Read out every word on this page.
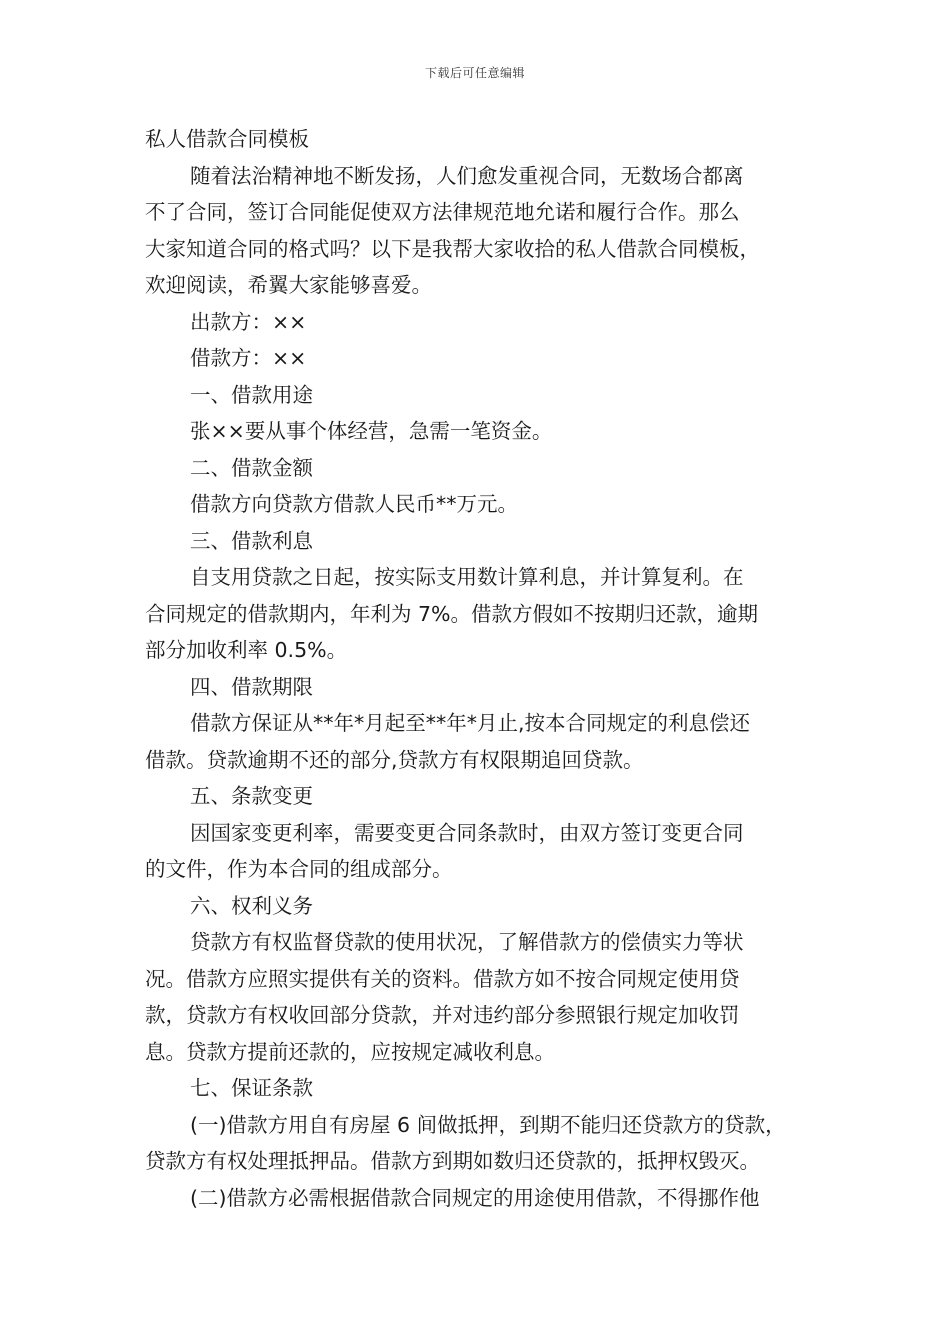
下载后可任意编辑

私人借款合同模板

随着法治精神地不断发扬，人们愈发重视合同，无数场合都离

不了合同，签订合同能促使双方法律规范地允诺和履行合作。那么

大家知道合同的格式吗？以下是我帮大家收拾的私人借款合同模板，

欢迎阅读，希翼大家能够喜爱。

出款方：××

借款方：××

一、借款用途

张××要从事个体经营，急需一笔资金。

二、借款金额

借款方向贷款方借款人民币**万元。

三、借款利息

自支用贷款之日起，按实际支用数计算利息，并计算复利。在

合同规定的借款期内，年利为 7%。借款方假如不按期归还款，逾期

部分加收利率 0.5%。

四、借款期限

借款方保证从**年*月起至**年*月止,按本合同规定的利息偿还

借款。贷款逾期不还的部分,贷款方有权限期追回贷款。

五、条款变更

因国家变更利率，需要变更合同条款时，由双方签订变更合同

的文件，作为本合同的组成部分。

六、权利义务

贷款方有权监督贷款的使用状况，了解借款方的偿债实力等状

况。借款方应照实提供有关的资料。借款方如不按合同规定使用贷

款，贷款方有权收回部分贷款，并对违约部分参照银行规定加收罚

息。贷款方提前还款的，应按规定减收利息。

七、保证条款

(一)借款方用自有房屋 6 间做抵押，到期不能归还贷款方的贷款，

贷款方有权处理抵押品。借款方到期如数归还贷款的，抵押权毁灭。

(二)借款方必需根据借款合同规定的用途使用借款，不得挪作他
